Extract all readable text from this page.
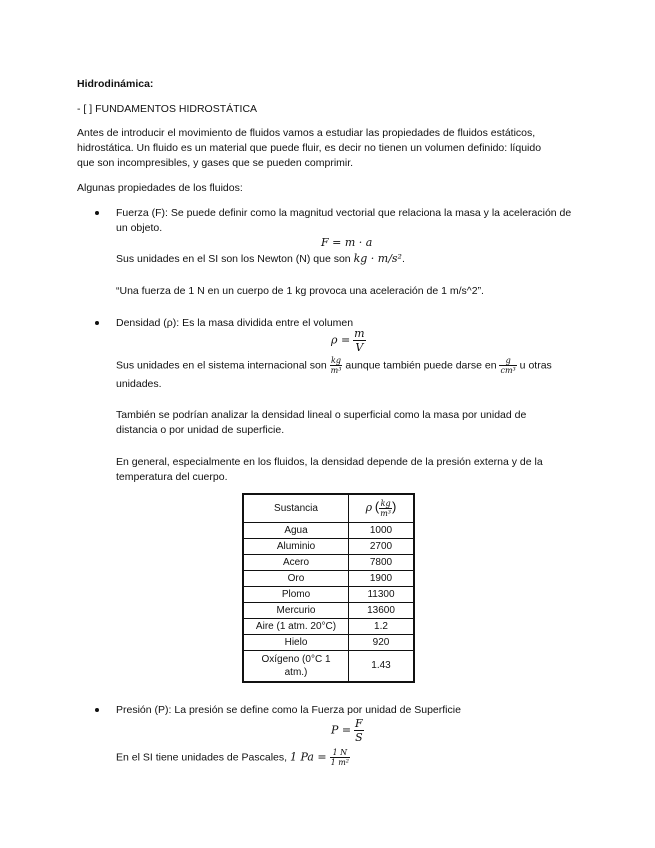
Hidrodinámica:
- [ ] FUNDAMENTOS HIDROSTÁTICA
Antes de introducir el movimiento de fluidos vamos a estudiar las propiedades de fluidos estáticos,
hidrostática. Un fluido es un material que puede fluir, es decir no tienen un volumen definido: líquido
que son incompresibles, y gases que se pueden comprimir.
Algunas propiedades de los fluidos:
Fuerza (F): Se puede definir como la magnitud vectorial que relaciona la masa y la aceleración de
un objeto.
F = m · a
Sus unidades en el SI son los Newton (N) que son kg · m/s².
“Una fuerza de 1 N en un cuerpo de 1 kg provoca una aceleración de 1 m/s^2”.
Densidad (ρ): Es la masa dividida entre el volumen
$\rho = \frac{m}{V}$
Sus unidades en el sistema internacional son $\frac{kg}{\text{m³}}$ aunque también puede darse en $\frac{g}{\text{cm³}}$ u otras
unidades.
También se podrían analizar la densidad lineal o superficial como la masa por unidad de
distancia o por unidad de superficie.
En general, especialmente en los fluidos, la densidad depende de la presión externa y de la
temperatura del cuerpo.
Sustancia	ρ ( $\frac{kg}{\text{m³}}$ )
Agua	1000
Aluminio	2700
Acero	7800
Oro	1900
Plomo	11300
Mercurio	13600
Aire (1 atm. 20°C)	1.2
Hielo	920
Oxígeno (0°C 1
atm.)	1.43
Presión (P): La presión se define como la Fuerza por unidad de Superficie
$P = \frac{F}{S}$
En el SI tiene unidades de Pascales, 1 $Pa = \frac{1 N}{\text{1 m²}}$
